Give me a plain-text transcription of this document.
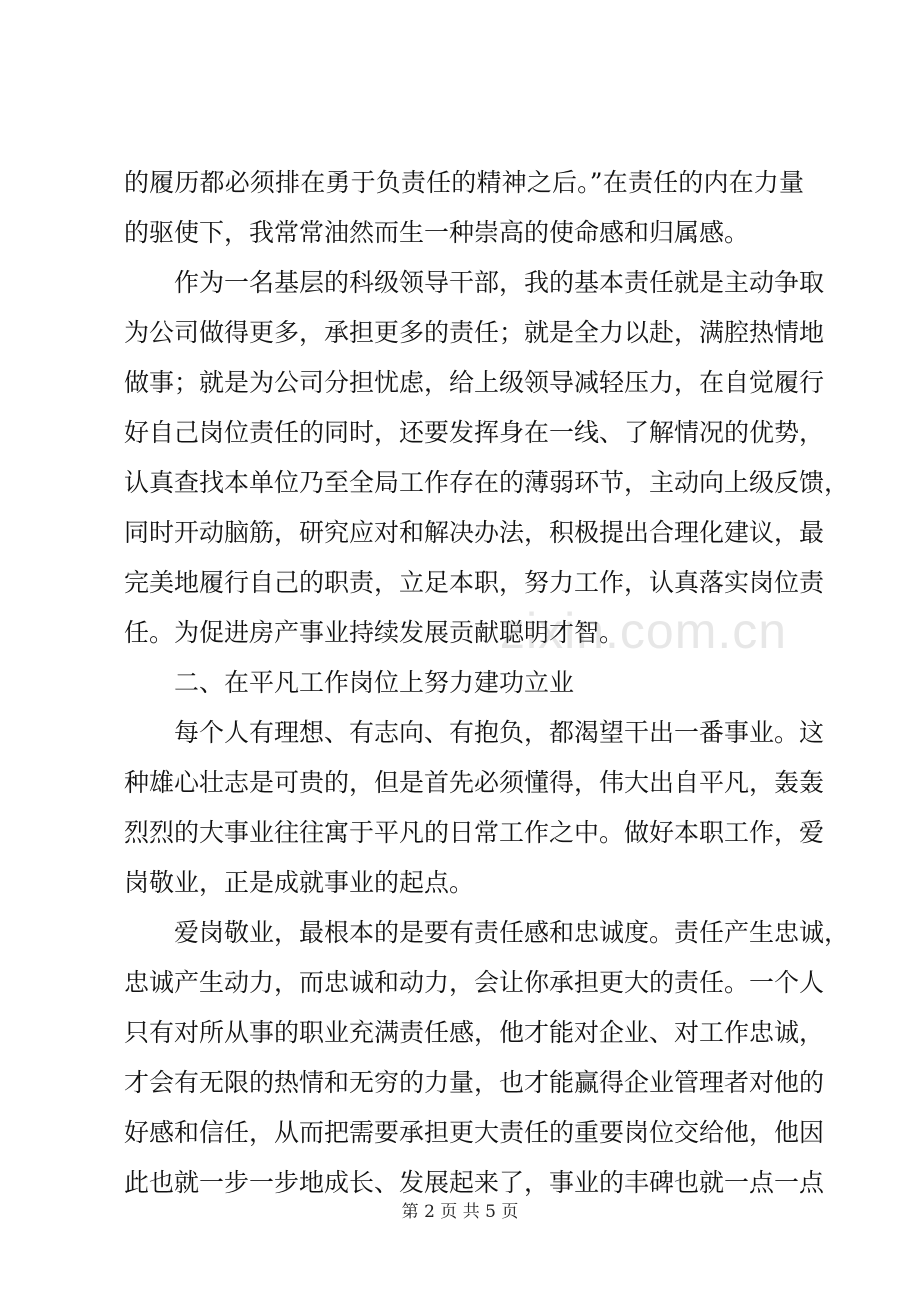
的履历都必须排在勇于负责任的精神之后。”在责任的内在力量
的驱使下，我常常油然而生一种崇高的使命感和归属感。
作为一名基层的科级领导干部，我的基本责任就是主动争取
为公司做得更多，承担更多的责任；就是全力以赴，满腔热情地
做事；就是为公司分担忧虑，给上级领导减轻压力，在自觉履行
好自己岗位责任的同时，还要发挥身在一线、了解情况的优势，
认真查找本单位乃至全局工作存在的薄弱环节，主动向上级反馈，
同时开动脑筋，研究应对和解决办法，积极提出合理化建议，最
完美地履行自己的职责，立足本职，努力工作，认真落实岗位责
任。为促进房产事业持续发展贡献聪明才智。
二、在平凡工作岗位上努力建功立业
每个人有理想、有志向、有抱负，都渴望干出一番事业。这
种雄心壮志是可贵的，但是首先必须懂得，伟大出自平凡，轰轰
烈烈的大事业往往寓于平凡的日常工作之中。做好本职工作，爱
岗敬业，正是成就事业的起点。
爱岗敬业，最根本的是要有责任感和忠诚度。责任产生忠诚，
忠诚产生动力，而忠诚和动力，会让你承担更大的责任。一个人
只有对所从事的职业充满责任感，他才能对企业、对工作忠诚，
才会有无限的热情和无穷的力量，也才能赢得企业管理者对他的
好感和信任，从而把需要承担更大责任的重要岗位交给他，他因
此也就一步一步地成长、发展起来了，事业的丰碑也就一点一点
zixin.com.cn
第 2 页 共 5 页
